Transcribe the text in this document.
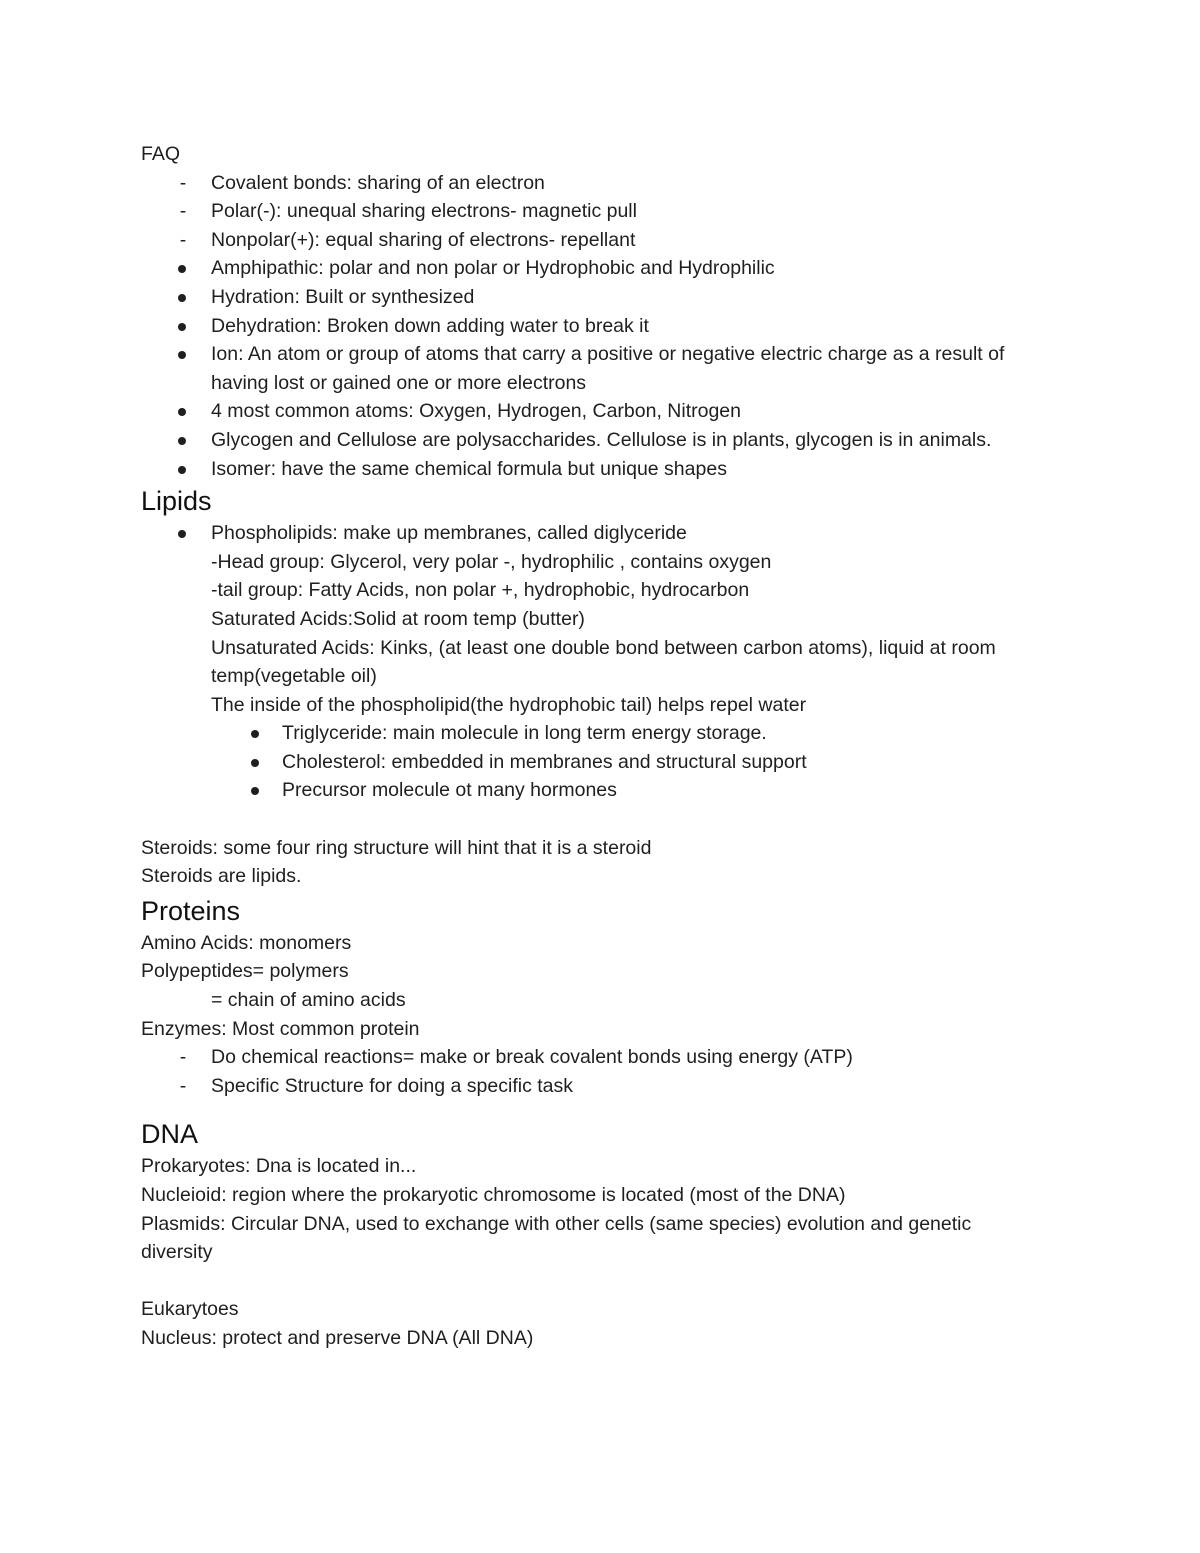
FAQ
-	Covalent bonds: sharing of an electron
-	Polar(-): unequal sharing electrons- magnetic pull
-	Nonpolar(+): equal sharing of electrons- repellant
Amphipathic: polar and non polar or Hydrophobic and Hydrophilic
Hydration: Built or synthesized
Dehydration: Broken down adding water to break it
Ion: An atom or group of atoms that carry a positive or negative electric charge as a result of having lost or gained one or more electrons
4 most common atoms: Oxygen, Hydrogen, Carbon, Nitrogen
Glycogen and Cellulose are polysaccharides. Cellulose is in plants, glycogen is in animals.
Isomer: have the same chemical formula but unique shapes
Lipids
Phospholipids: make up membranes, called diglyceride
-Head group: Glycerol, very polar -, hydrophilic , contains oxygen
-tail group: Fatty Acids, non polar +, hydrophobic, hydrocarbon
Saturated Acids:Solid at room temp (butter)
Unsaturated Acids: Kinks, (at least one double bond between carbon atoms), liquid at room temp(vegetable oil)
The inside of the phospholipid(the hydrophobic tail) helps repel water
Triglyceride: main molecule in long term energy storage.
Cholesterol: embedded in membranes and structural support
Precursor molecule ot many hormones
Steroids: some four ring structure will hint that it is a steroid
Steroids are lipids.
Proteins
Amino Acids: monomers
Polypeptides= polymers
= chain of amino acids
Enzymes: Most common protein
-	Do chemical reactions= make or break covalent bonds using energy (ATP)
-	Specific Structure for doing a specific task
DNA
Prokaryotes: Dna is located in...
Nucleioid: region where the prokaryotic chromosome is located (most of the DNA)
Plasmids: Circular DNA, used to exchange with other cells (same species) evolution and genetic diversity
Eukarytoes
Nucleus: protect and preserve DNA (All DNA)
